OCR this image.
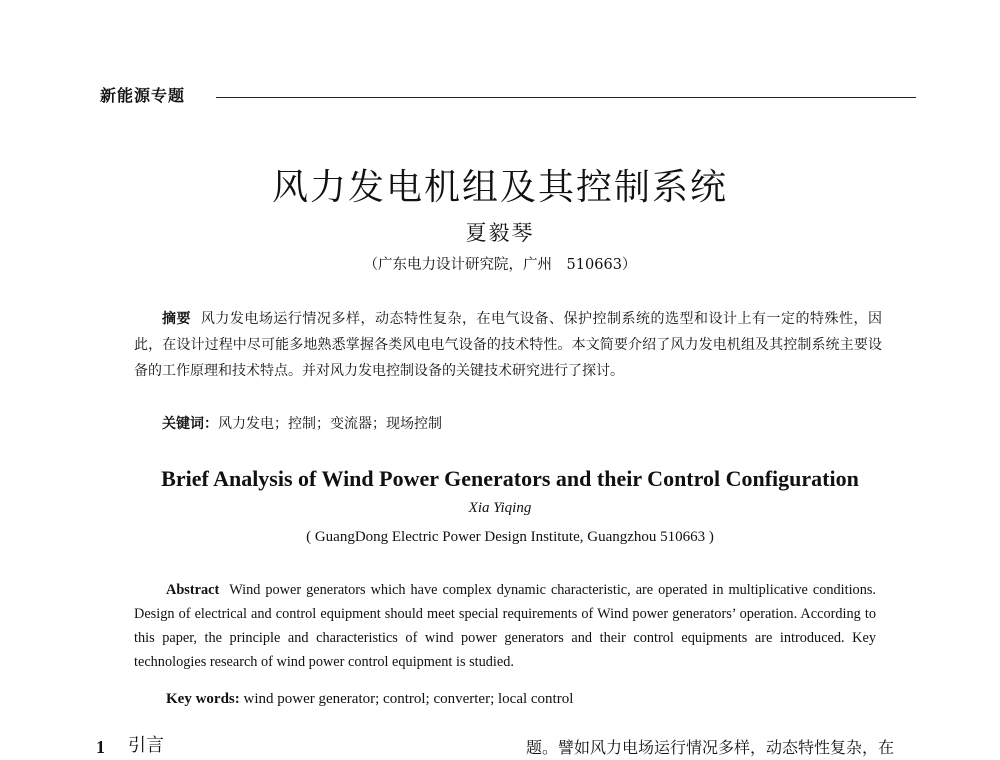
新能源专题
风力发电机组及其控制系统
夏毅琴
（广东电力设计研究院，广州　510663）

摘要 风力发电场运行情况多样，动态特性复杂，在电气设备、保护控制系统的选型和设计上有一定的特殊性，因此，在设计过程中尽可能多地熟悉掌握各类风电电气设备的技术特性。本文简要介绍了风力发电机组及其控制系统主要设备的工作原理和技术特点。并对风力发电控制设备的关键技术研究进行了探讨。

关键词：风力发电；控制；变流器；现场控制
Brief Analysis of Wind Power Generators and their Control Configuration
Xia Yiqing
( GuangDong Electric Power Design Institute, Guangzhou 510663 )

Abstract Wind power generators which have complex dynamic characteristic, are operated in multiplicative conditions. Design of electrical and control equipment should meet special requirements of Wind power generators’ operation. According to this paper, the principle and characteristics of wind power generators and their control equipments are introduced. Key technologies research of wind power control equipment is studied.

Key words: wind power generator; control; converter; local control
1 引言	题。譬如风力电场运行情况多样，动态特性复杂，在
